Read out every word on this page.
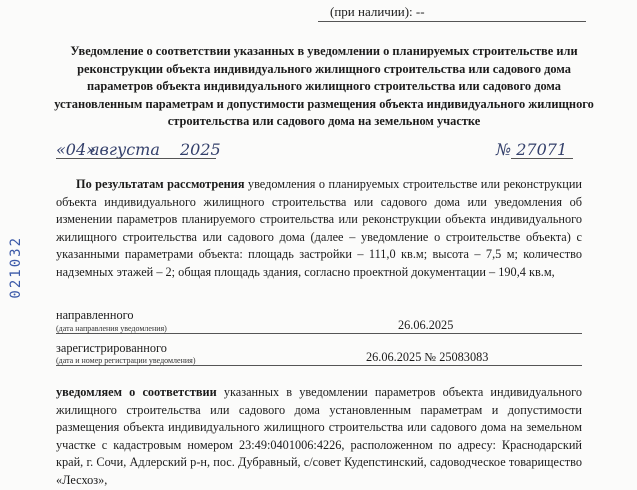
(при наличии): --
Уведомление о соответствии указанных в уведомлении о планируемых строительстве или реконструкции объекта индивидуального жилищного строительства или садового дома параметров объекта индивидуального жилищного строительства или садового дома установленным параметрам и допустимости размещения объекта индивидуального жилищного строительства или садового дома на земельном участке
«04»
августа 2025	№ 27071
По результатам рассмотрения уведомления о планируемых строительстве или реконструкции объекта индивидуального жилищного строительства или садового дома или уведомления об изменении параметров планируемого строительства или реконструкции объекта индивидуального жилищного строительства или садового дома (далее – уведомление о строительстве объекта) с указанными параметрами объекта: площадь застройки – 111,0 кв.м; высота – 7,5 м; количество надземных этажей – 2; общая площадь здания, согласно проектной документации – 190,4 кв.м,
направленного
26.06.2025
(дата направления уведомления)
зарегистрированного
26.06.2025 № 25083083
(дата и номер регистрации уведомления)
уведомляем о соответствии указанных в уведомлении параметров объекта индивидуального жилищного строительства или садового дома установленным параметрам и допустимости размещения объекта индивидуального жилищного строительства или садового дома на земельном участке с кадастровым номером 23:49:0401006:4226, расположенном по адресу: Краснодарский край, г. Сочи, Адлерский р-н, пос. Дубравный, с/совет Кудепстинский, садоводческое товарищество «Лесхоз»,
021032
